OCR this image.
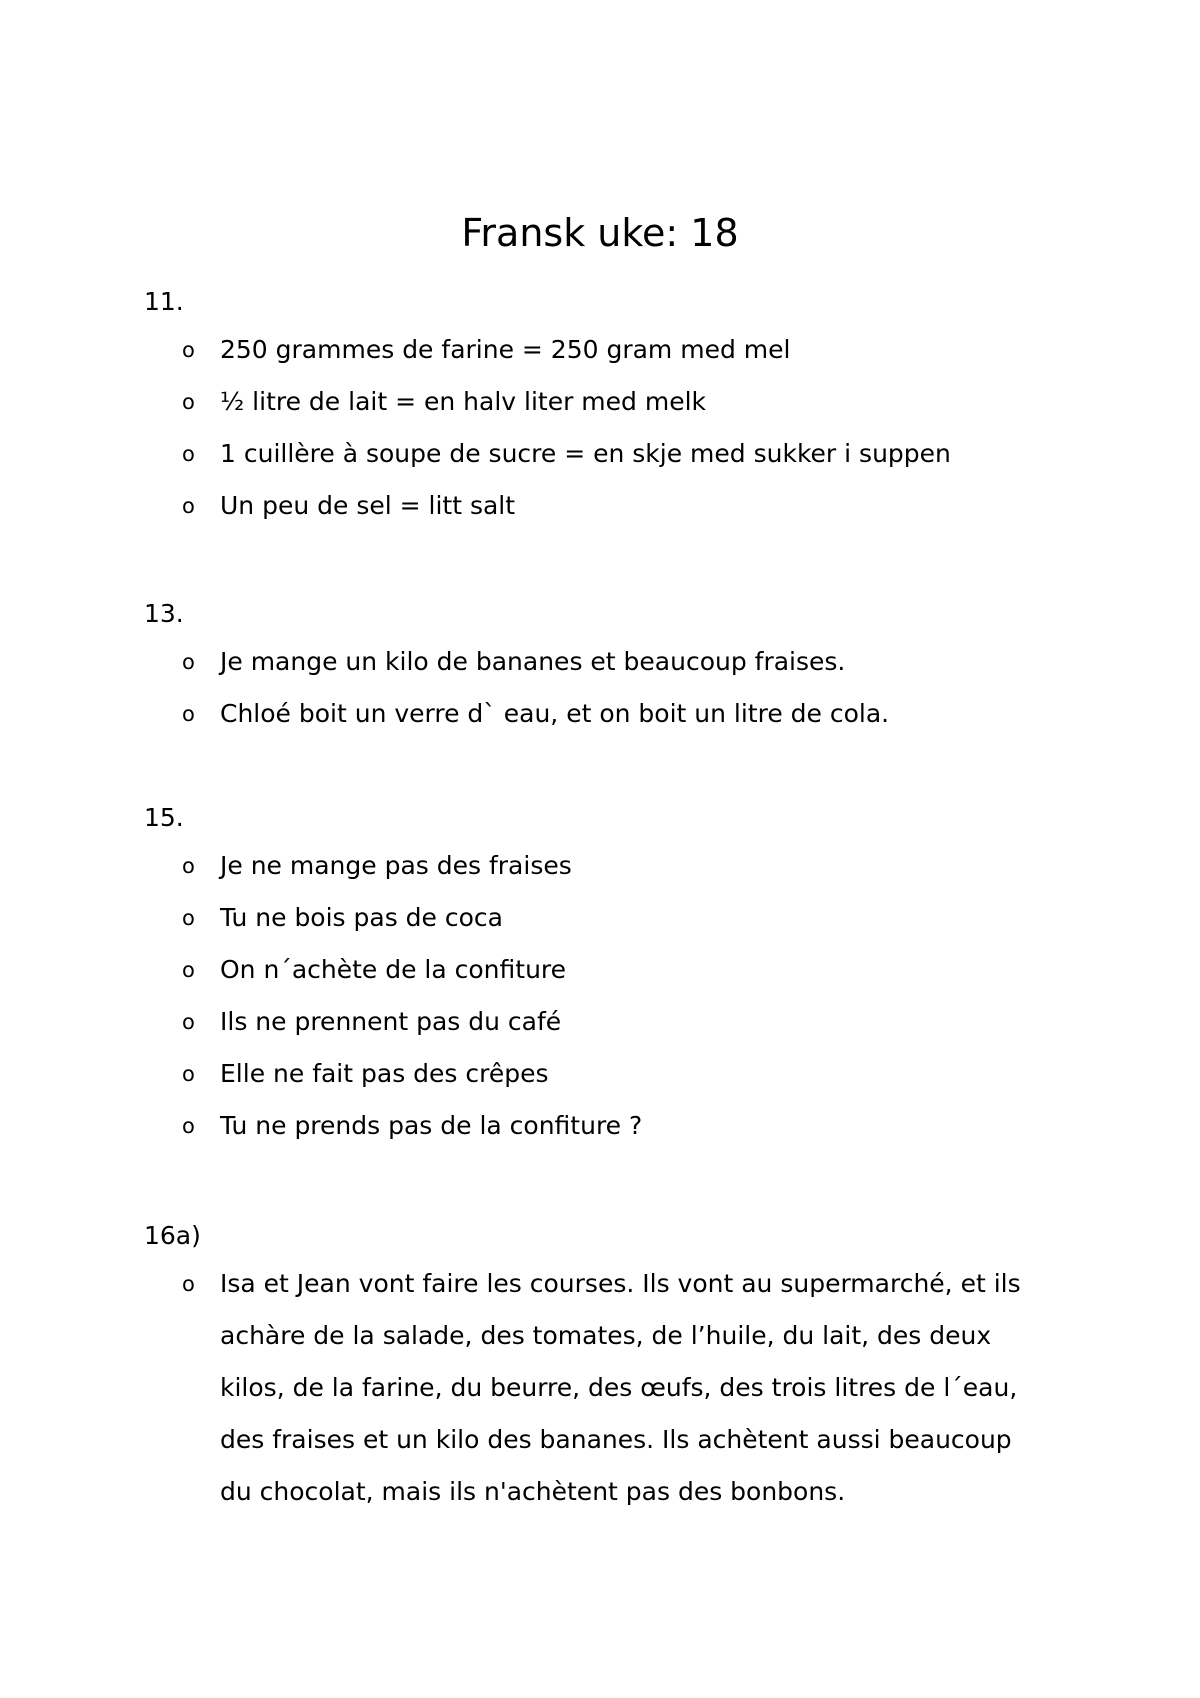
Fransk uke: 18

11.

o 250 grammes de farine = 250 gram med mel
o ½ litre de lait = en halv liter med melk
o 1 cuillère à soupe de sucre = en skje med sukker i suppen
o Un peu de sel = litt salt

13.

o Je mange un kilo de bananes et beaucoup fraises.
o Chloé boit un verre d` eau, et on boit un litre de cola.

15.

o Je ne mange pas des fraises
o Tu ne bois pas de coca
o On n´achète de la confiture
o Ils ne prennent pas du café
o Elle ne fait pas des crêpes
o Tu ne prends pas de la confiture ?

16a)

o Isa et Jean vont faire les courses. Ils vont au supermarché, et ils achàre de la salade, des tomates, de l’huile, du lait, des deux kilos, de la farine, du beurre, des œufs, des trois litres de l´eau, des fraises et un kilo des bananes. Ils achètent aussi beaucoup du chocolat, mais ils n'achètent pas des bonbons.
